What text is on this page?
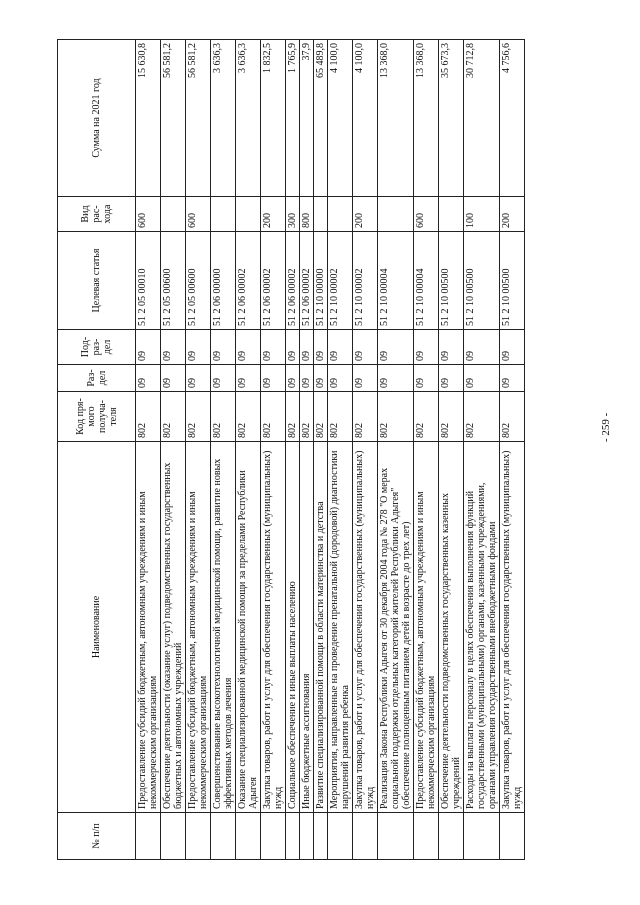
- 259 -
№ п/п	Наименование	Код пря- мого получа- теля	Раз- дел	Под- раз- дел	Целевая статья	Вид рас- хода	Сумма на 2021 год
	Предоставление субсидий бюджетным, автономным учреждениям и иным некоммерческим организациям	802	09	09	51 2 05 00010	600	15 630,8
	Обеспечение деятельности (оказание услуг) подведомственных государственных бюджетных и автономных учреждений	802	09	09	51 2 05 00600		56 581,2
	Предоставление субсидий бюджетным, автономным учреждениям и иным некоммерческим организациям	802	09	09	51 2 05 00600	600	56 581,2
	Совершенствование высокотехнологичной медицинской помощи, развитие новых эффективных методов лечения	802	09	09	51 2 06 00000		3 636,3
	Оказание специализированной медицинской помощи за пределами Республики Адыгея	802	09	09	51 2 06 00002		3 636,3
	Закупка товаров, работ и услуг для обеспечения государственных (муниципальных) нужд	802	09	09	51 2 06 00002	200	1 832,5
	Социальное обеспечение и иные выплаты населению	802	09	09	51 2 06 00002	300	1 765,9
	Иные бюджетные ассигнования	802	09	09	51 2 06 00002	800	37,9
	Развитие специализированной помощи в области материнства и детства	802	09	09	51 2 10 00000		65 489,8
	Мероприятия, направленные на проведение пренатальной (дородовой) диагностики нарушений развития ребенка	802	09	09	51 2 10 00002		4 100,0
	Закупка товаров, работ и услуг для обеспечения государственных (муниципальных) нужд	802	09	09	51 2 10 00002	200	4 100,0
	Реализация Закона Республики Адыгея от 30 декабря 2004 года № 278 "О мерах социальной поддержки отдельных категорий жителей Республики Адыгея" (обеспечение полноценным питанием детей в возрасте до трех лет)	802	09	09	51 2 10 00004		13 368,0
	Предоставление субсидий бюджетным, автономным учреждениям и иным некоммерческим организациям	802	09	09	51 2 10 00004	600	13 368,0
	Обеспечение деятельности подведомственных государственных казенных учреждений	802	09	09	51 2 10 00500		35 673,3
	Расходы на выплаты персоналу в целях обеспечения выполнения функций государственными (муниципальными) органами, казенными учреждениями, органами управления государственными внебюджетными фондами	802	09	09	51 2 10 00500	100	30 712,8
	Закупка товаров, работ и услуг для обеспечения государственных (муниципальных) нужд	802	09	09	51 2 10 00500	200	4 756,6
